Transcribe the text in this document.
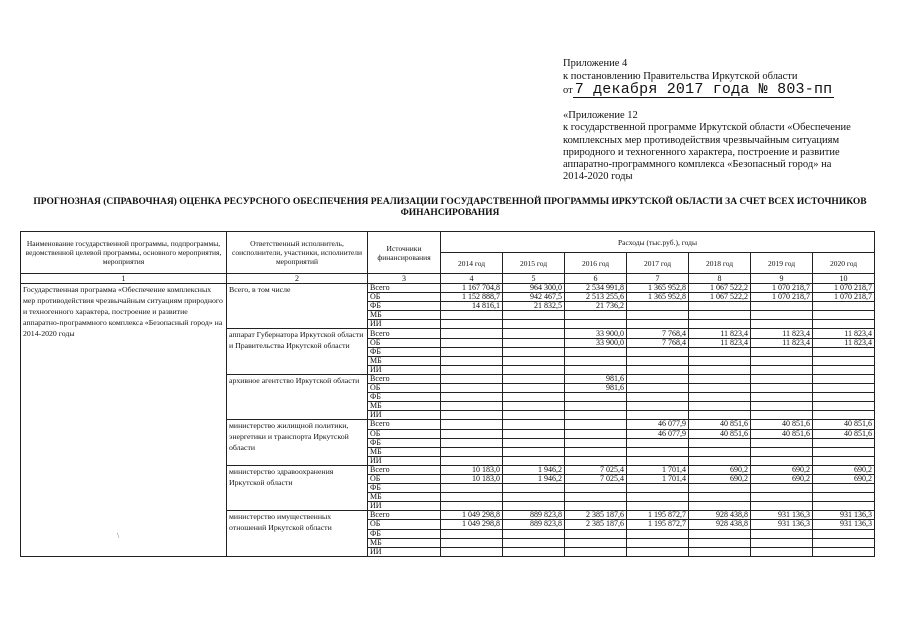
Приложение 4
к постановлению Правительства Иркутской области
от 7 декабря 2017 года № 803-пп
«Приложение 12
к государственной программе Иркутской области «Обеспечение комплексных мер противодействия чрезвычайным ситуациям природного и техногенного характера, построение и развитие аппаратно-программного комплекса «Безопасный город» на 2014-2020 годы
ПРОГНОЗНАЯ (СПРАВОЧНАЯ) ОЦЕНКА РЕСУРСНОГО ОБЕСПЕЧЕНИЯ РЕАЛИЗАЦИИ ГОСУДАРСТВЕННОЙ ПРОГРАММЫ ИРКУТСКОЙ ОБЛАСТИ ЗА СЧЕТ ВСЕХ ИСТОЧНИКОВ ФИНАНСИРОВАНИЯ
Наименование государственной программы, подпрограммы, ведомственной целевой программы, основного мероприятия, мероприятия	Ответственный исполнитель, соисполнители, участники, исполнители мероприятий	Источники финансирования	Расходы (тыс.руб.), годы						
			2014 год	2015 год	2016 год	2017 год	2018 год	2019 год	2020 год
1	2	3	4	5	6	7	8	9	10
Государственная программа «Обеспечение комплексных мер противодействия чрезвычайным ситуациям природного и техногенного характера, построение и развитие аппаратно-программного комплекса «Безопасный город» на 2014-2020 годы	Всего, в том числе	Всего	1 167 704,8	964 300,0	2 534 991,8	1 365 952,8	1 067 522,2	1 070 218,7	1 070 218,7
		ОБ	1 152 888,7	942 467,5	2 513 255,6	1 365 952,8	1 067 522,2	1 070 218,7	1 070 218,7
		ФБ	14 816,1	21 832,5	21 736,2				
		МБ							
		ИИ							
	аппарат Губернатора Иркутской области и Правительства Иркутской области	Всего			33 900,0	7 768,4	11 823,4	11 823,4	11 823,4
		ОБ			33 900,0	7 768,4	11 823,4	11 823,4	11 823,4
		ФБ							
		МБ							
		ИИ							
	архивное агентство Иркутской области	Всего			981,6				
		ОБ			981,6				
		ФБ							
		МБ							
		ИИ							
	министерство жилищной политики, энергетики и транспорта Иркутской области	Всего				46 077,9	40 851,6	40 851,6	40 851,6
		ОБ				46 077,9	40 851,6	40 851,6	40 851,6
		ФБ							
		МБ							
		ИИ							
	министерство здравоохранения Иркутской области	Всего	10 183,0	1 946,2	7 025,4	1 701,4	690,2	690,2	690,2
		ОБ	10 183,0	1 946,2	7 025,4	1 701,4	690,2	690,2	690,2
		ФБ							
		МБ							
		ИИ							
	министерство имущественных отношений Иркутской области	Всего	1 049 298,8	889 823,8	2 385 187,6	1 195 872,7	928 438,8	931 136,3	931 136,3
		ОБ	1 049 298,8	889 823,8	2 385 187,6	1 195 872,7	928 438,8	931 136,3	931 136,3
		ФБ							
		МБ							
		ИИ							
\
